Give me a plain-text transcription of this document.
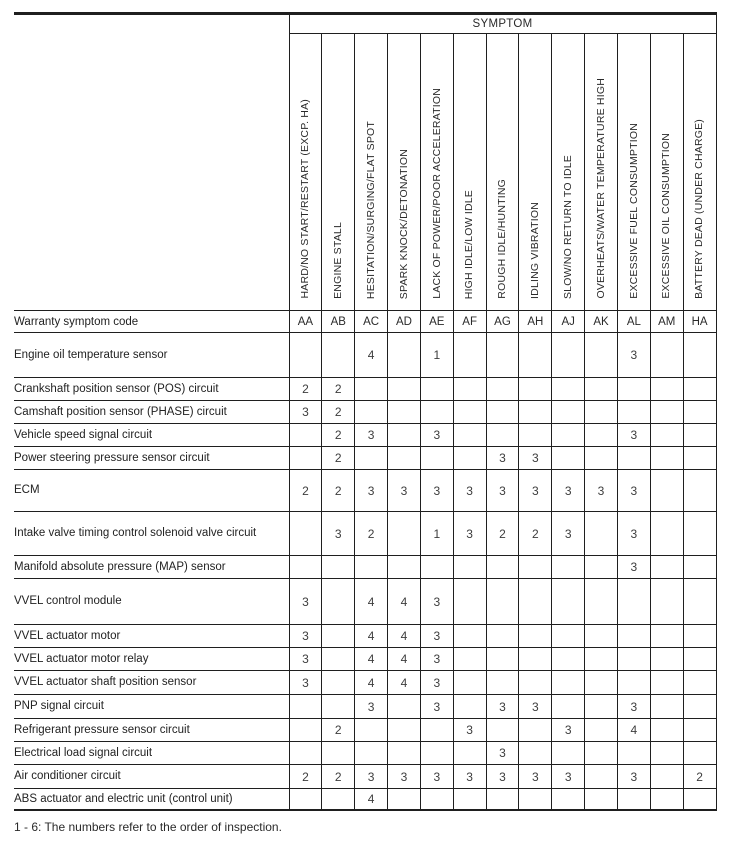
	SYMPTOM												
	HARD/NO START/RESTART (EXCP. HA)	ENGINE STALL	HESITATION/SURGING/FLAT SPOT	SPARK KNOCK/DETONATION	LACK OF POWER/POOR ACCELERATION	HIGH IDLE/LOW IDLE	ROUGH IDLE/HUNTING	IDLING VIBRATION	SLOW/NO RETURN TO IDLE	OVERHEATS/WATER TEMPERATURE HIGH	EXCESSIVE FUEL CONSUMPTION	EXCESSIVE OIL CONSUMPTION	BATTERY DEAD (UNDER CHARGE)
Warranty symptom code	AA	AB	AC	AD	AE	AF	AG	AH	AJ	AK	AL	AM	HA
Engine oil temperature sensor			4		1						3		
Crankshaft position sensor (POS) circuit	2	2											
Camshaft position sensor (PHASE) circuit	3	2											
Vehicle speed signal circuit		2	3		3						3		
Power steering pressure sensor circuit		2					3	3					
ECM	2	2	3	3	3	3	3	3	3	3	3		
Intake valve timing control solenoid valve circuit		3	2		1	3	2	2	3		3		
Manifold absolute pressure (MAP) sensor											3		
VVEL control module	3		4	4	3								
VVEL actuator motor	3		4	4	3								
VVEL actuator motor relay	3		4	4	3								
VVEL actuator shaft position sensor	3		4	4	3								
PNP signal circuit			3		3		3	3			3		
Refrigerant pressure sensor circuit		2				3			3		4		
Electrical load signal circuit							3						
Air conditioner circuit	2	2	3	3	3	3	3	3	3		3		2
ABS actuator and electric unit (control unit)			4										
1 - 6: The numbers refer to the order of inspection.
